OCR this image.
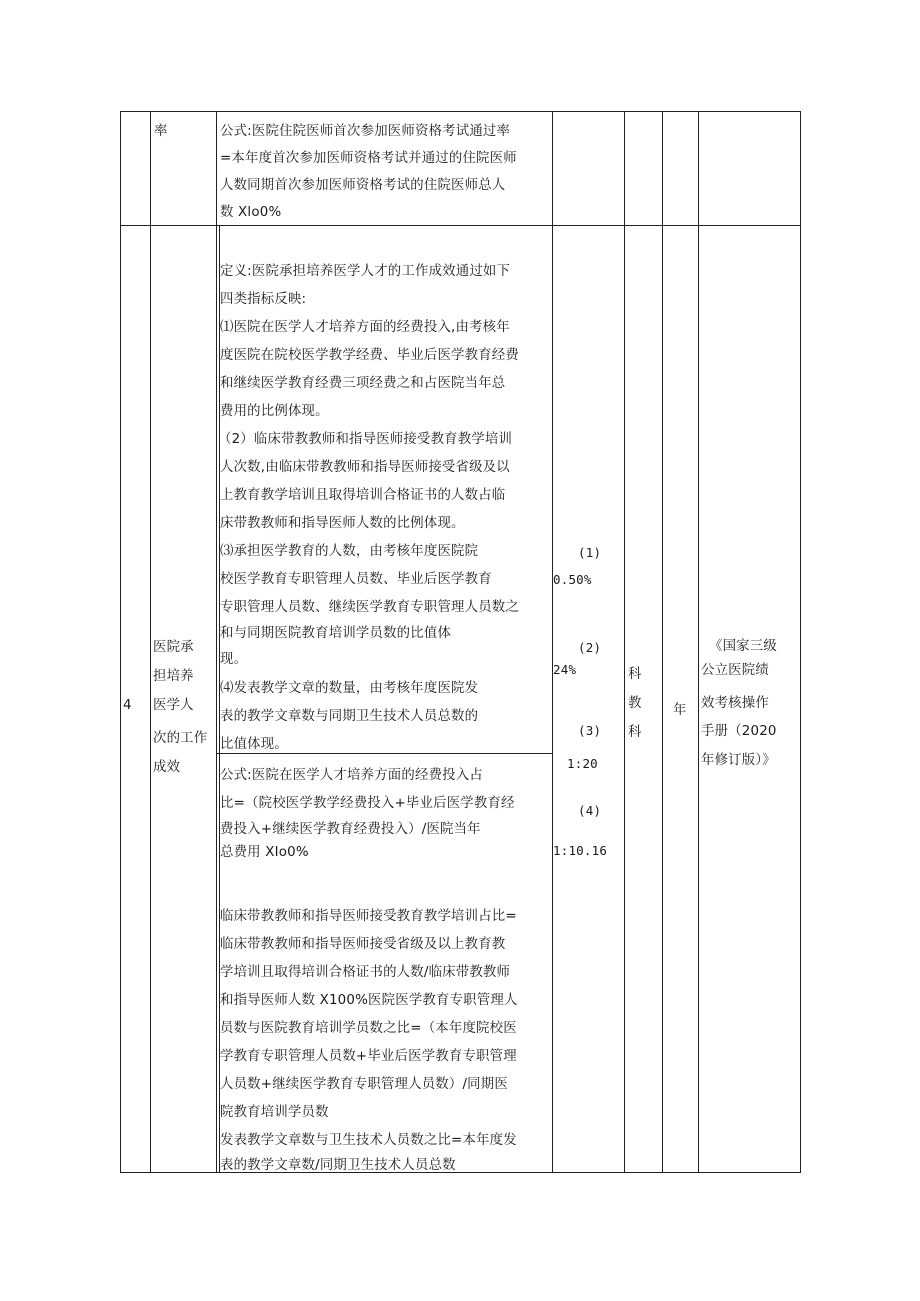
率	公式:医院住院医师首次参加医师资格考试通过率
=本年度首次参加医师资格考试并通过的住院医师
人数同期首次参加医师资格考试的住院医师总人
数 Xlo0%
4
医院承
担培养
医学人
次的工作
成效
定义:医院承担培养医学人才的工作成效通过如下
四类指标反映:
⑴医院在医学人才培养方面的经费投入,由考核年
度医院在院校医学教学经费、毕业后医学教育经费
和继续医学教育经费三项经费之和占医院当年总
费用的比例体现。
（2）临床带教教师和指导医师接受教育教学培训
人次数,由临床带教教师和指导医师接受省级及以
上教育教学培训且取得培训合格证书的人数占临
床带教教师和指导医师人数的比例体现。
⑶承担医学教育的人数，由考核年度医院院
校医学教育专职管理人员数、毕业后医学教育
专职管理人员数、继续医学教育专职管理人员数之
和与同期医院教育培训学员数的比值体
现。
⑷发表教学文章的数量，由考核年度医院发
表的教学文章数与同期卫生技术人员总数的
比值体现。
公式:医院在医学人才培养方面的经费投入占
比=（院校医学教学经费投入+毕业后医学教育经
费投入+继续医学教育经费投入）/医院当年
总费用 XIo0%
临床带教教师和指导医师接受教育教学培训占比=
临床带教教师和指导医师接受省级及以上教育教
学培训且取得培训合格证书的人数/临床带教教师
和指导医师人数 X100%医院医学教育专职管理人
员数与医院教育培训学员数之比=（本年度院校医
学教育专职管理人员数+毕业后医学教育专职管理
人员数+继续医学教育专职管理人员数）/同期医
院教育培训学员数
发表教学文章数与卫生技术人员数之比=本年度发
表的教学文章数/同期卫生技术人员总数
(1)
0.50%
(2)
24%
(3)
1:20
(4)
1:10.16
科
教
科
年
《国家三级
公立医院绩
效考核操作
手册（2020
年修订版）》
